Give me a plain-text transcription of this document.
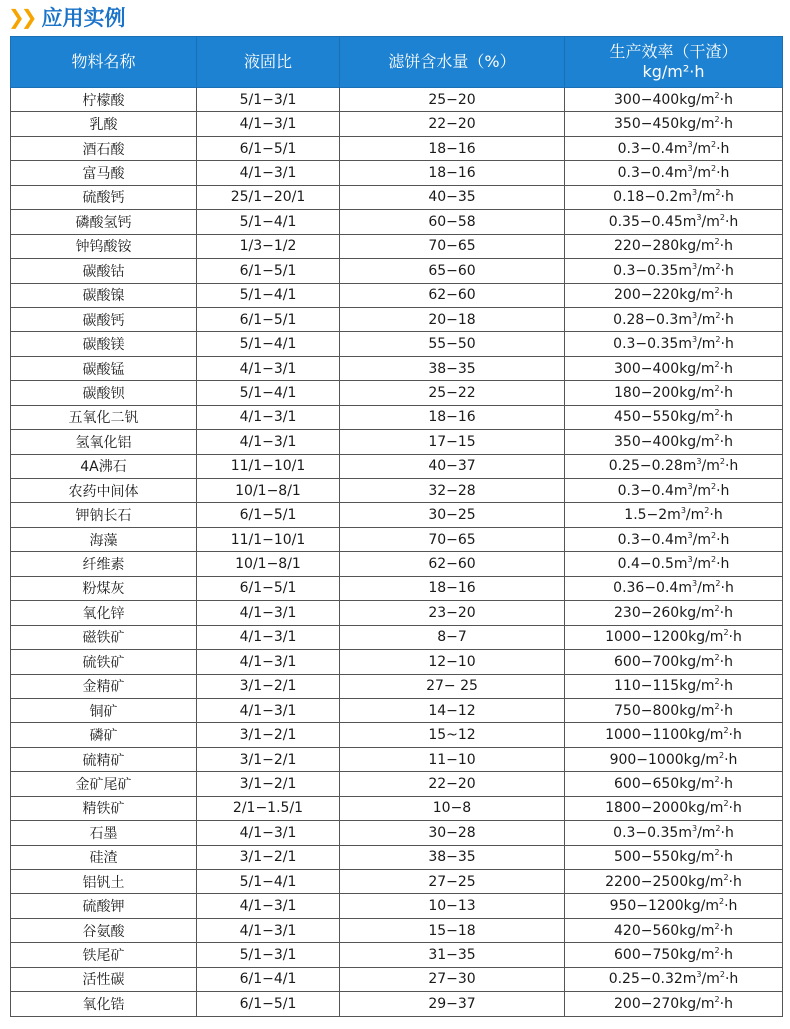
❯❯ 应用实例
物料名称	液固比	滤饼含水量（%）	生产效率（干渣）
kg/m²·h
柠檬酸	5/1−3/1	25−20	$300-400kg/m^2\cdot h$
乳酸	4/1−3/1	22−20	$350-450kg/m^2\cdot h$
酒石酸	6/1−5/1	18−16	$0.3-0.4m^3/m^2\cdot h$
富马酸	4/1−3/1	18−16	$0.3-0.4m^3/m^2\cdot h$
硫酸钙	25/1−20/1	40−35	$0.18-0.2m^3/m^2\cdot h$
磷酸氢钙	5/1−4/1	60−58	$0.35-0.45m^3/m^2\cdot h$
钟钨酸铵	1/3−1/2	70−65	$220-280kg/m^2\cdot h$
碳酸钴	6/1−5/1	65−60	$0.3-0.35m^3/m^2\cdot h$
碳酸镍	5/1−4/1	62−60	$200-220kg/m^2\cdot h$
碳酸钙	6/1−5/1	20−18	$0.28-0.3m^3/m^2\cdot h$
碳酸镁	5/1−4/1	55−50	$0.3-0.35m^3/m^2\cdot h$
碳酸锰	4/1−3/1	38−35	$300-400kg/m^2\cdot h$
碳酸钡	5/1−4/1	25−22	$180-200kg/m^2\cdot h$
五氧化二钒	4/1−3/1	18−16	$450-550kg/m^2\cdot h$
氢氧化铝	4/1−3/1	17−15	$350-400kg/m^2\cdot h$
4A沸石	11/1−10/1	40−37	$0.25-0.28m^3/m^2\cdot h$
农药中间体	10/1−8/1	32−28	$0.3-0.4m^3/m^2\cdot h$
钾钠长石	6/1−5/1	30−25	$1.5-2m^3/m^2\cdot h$
海藻	11/1−10/1	70−65	$0.3-0.4m^3/m^2\cdot h$
纤维素	10/1−8/1	62−60	$0.4-0.5m^3/m^2\cdot h$
粉煤灰	6/1−5/1	18−16	$0.36-0.4m^3/m^2\cdot h$
氧化锌	4/1−3/1	23−20	$230-260kg/m^2\cdot h$
磁铁矿	4/1−3/1	8−7	$1000-1200kg/m^2\cdot h$
硫铁矿	4/1−3/1	12−10	$600-700kg/m^2\cdot h$
金精矿	3/1−2/1	27− 25	$110-115kg/m^2\cdot h$
铜矿	4/1−3/1	14−12	$750-800kg/m^2\cdot h$
磷矿	3/1−2/1	15~12	$1000-1100kg/m^2\cdot h$
硫精矿	3/1−2/1	11−10	$900-1000kg/m^2\cdot h$
金矿尾矿	3/1−2/1	22−20	$600-650kg/m^2\cdot h$
精铁矿	2/1−1.5/1	10−8	$1800-2000kg/m^2\cdot h$
石墨	4/1−3/1	30−28	$0.3-0.35m^3/m^2\cdot h$
硅渣	3/1−2/1	38−35	$500-550kg/m^2\cdot h$
铝钒土	5/1−4/1	27−25	$2200-2500kg/m^2\cdot h$
硫酸钾	4/1−3/1	10−13	$950-1200kg/m^2\cdot h$
谷氨酸	4/1−3/1	15−18	$420-560kg/m^2\cdot h$
铁尾矿	5/1−3/1	31−35	$600-750kg/m^2\cdot h$
活性碳	6/1−4/1	27−30	$0.25-0.32m^3/m^2\cdot h$
氧化锆	6/1−5/1	29−37	$200-270kg/m^2\cdot h$
